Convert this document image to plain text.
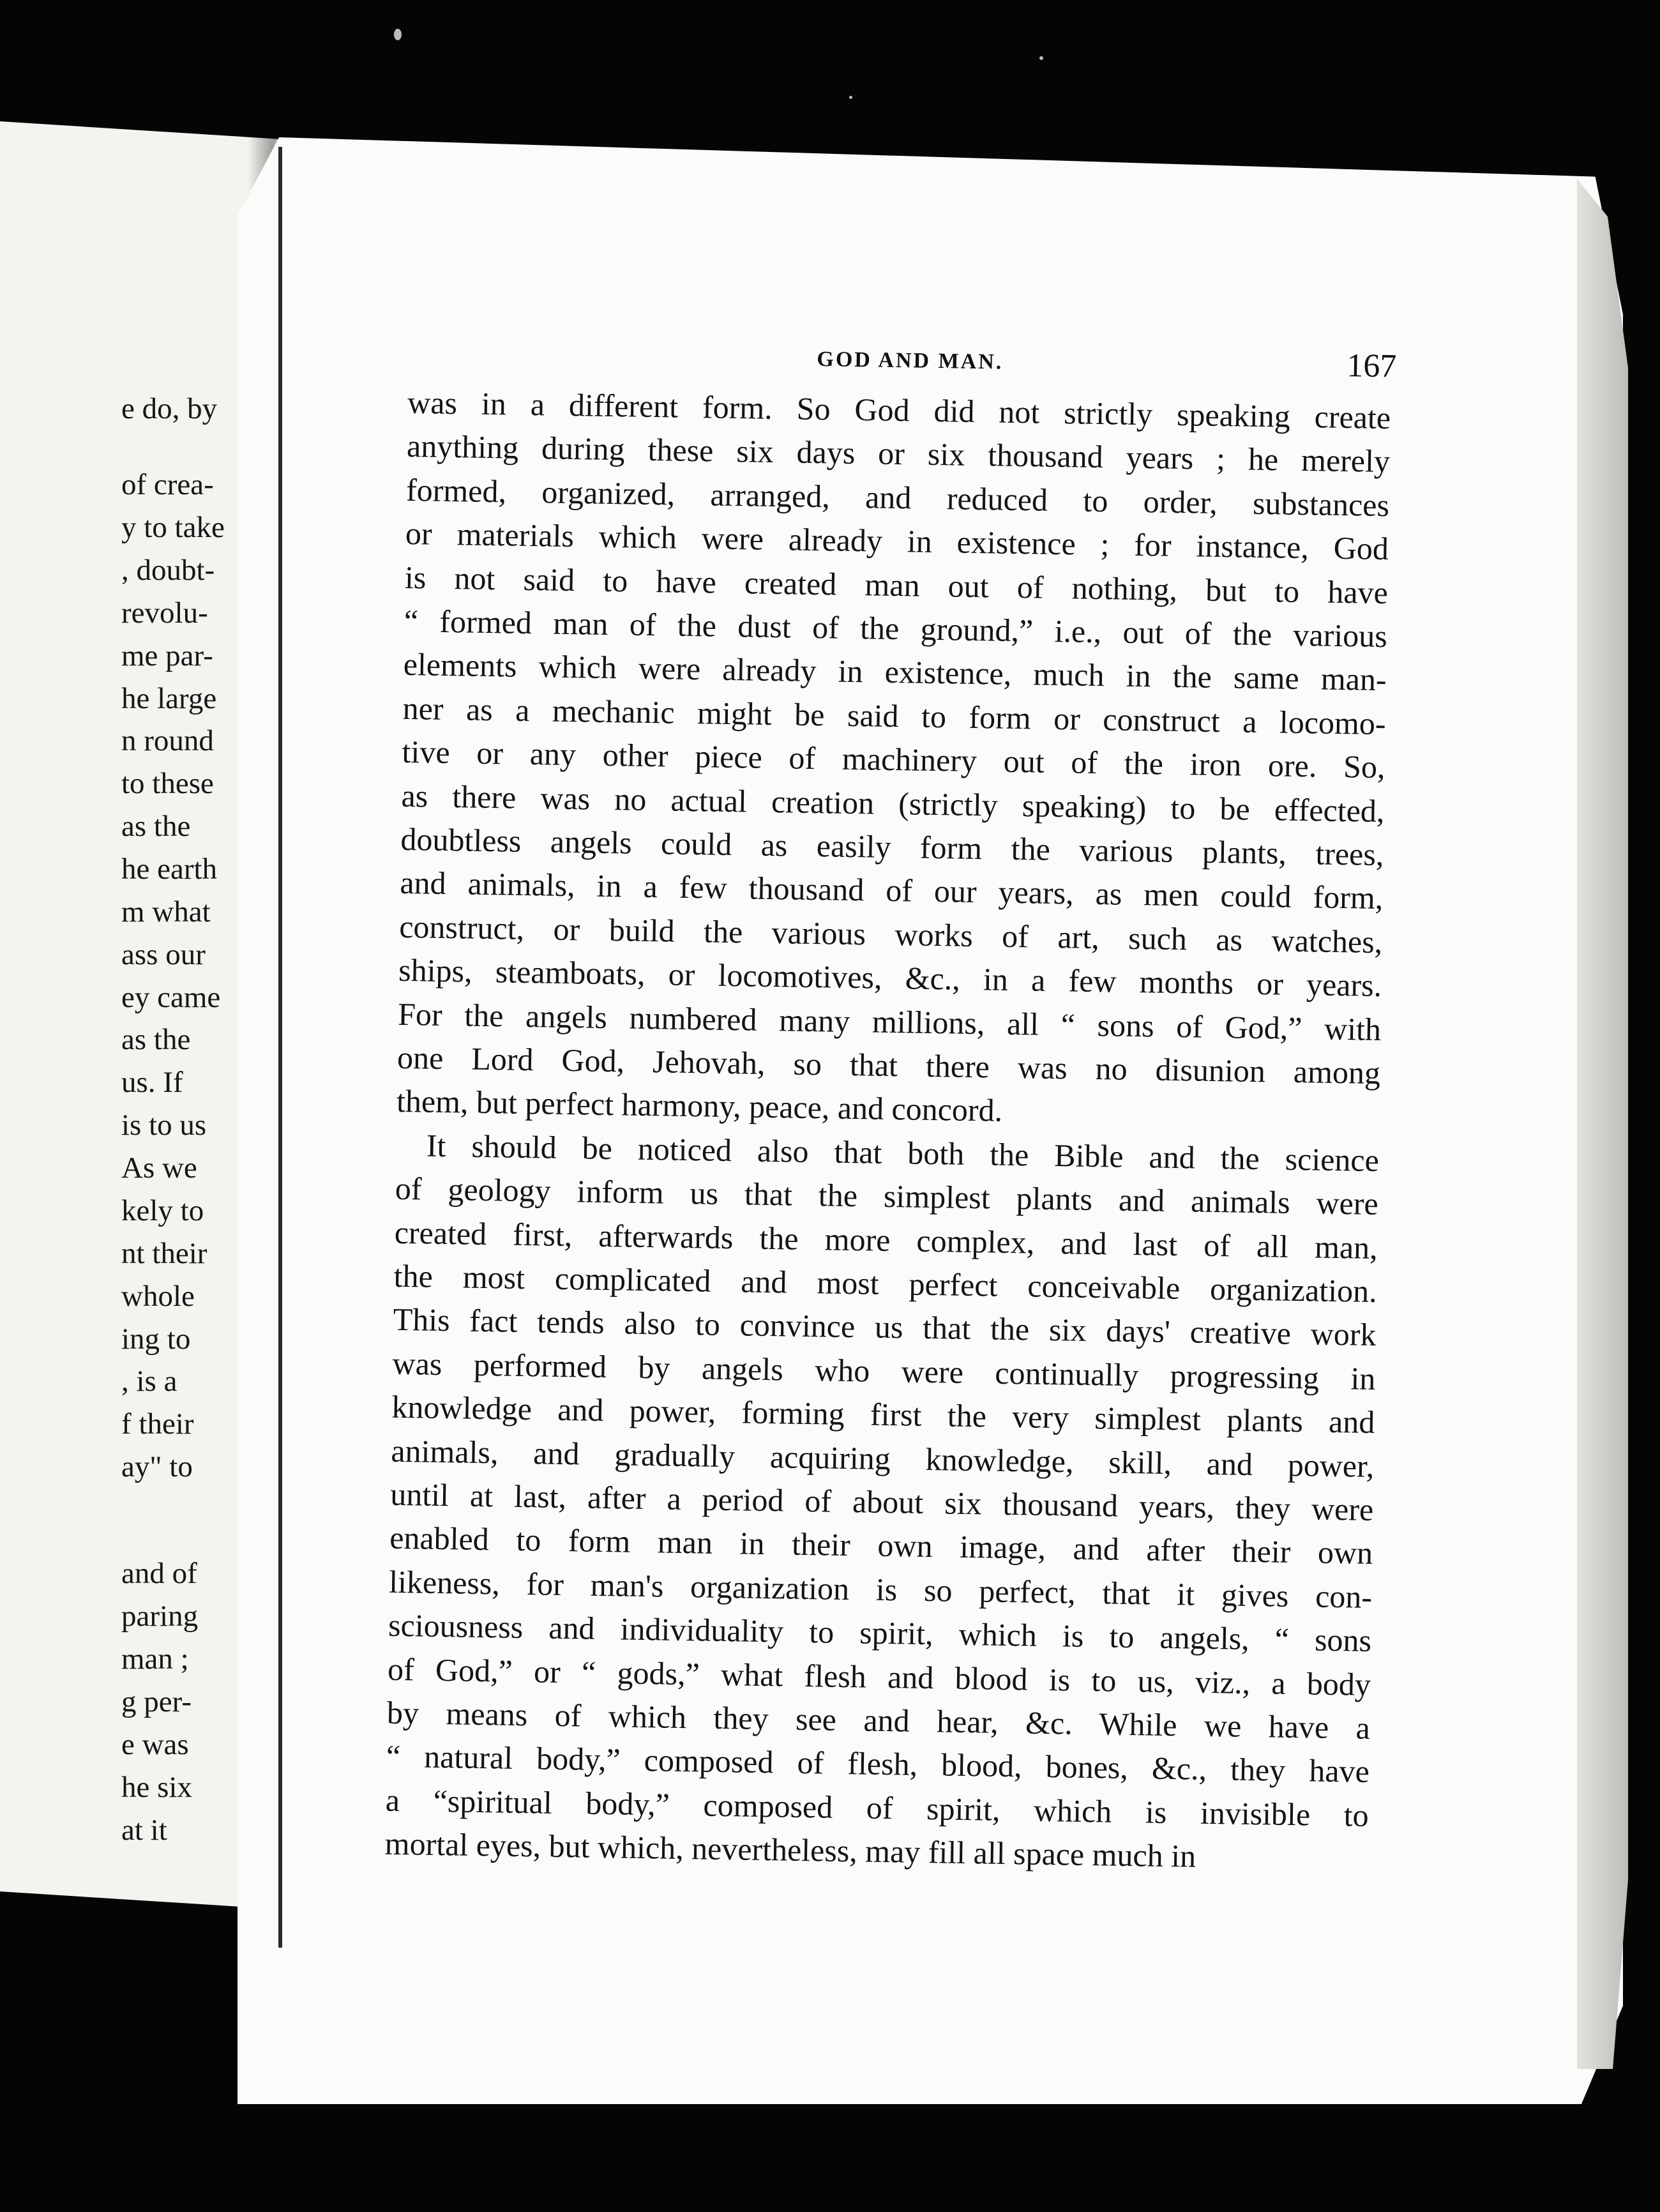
e do, by
of crea-
y to take
, doubt-
revolu-
me par-
he large
n round
to these
as the
he earth
m what
ass our
ey came
as the
us. If
is to us
As we
kely to
nt their
whole
ing to
, is a
f their
ay" to
and of
paring
man ;
g per-
e was
he six
at it
GOD AND MAN.	167
was in a different form. So God did not strictly speaking create
anything during these six days or six thousand years ; he merely
formed, organized, arranged, and reduced to order, substances
or materials which were already in existence ; for instance, God
is not said to have created man out of nothing, but to have
“ formed man of the dust of the ground,” i.e., out of the various
elements which were already in existence, much in the same man-
ner as a mechanic might be said to form or construct a locomo-
tive or any other piece of machinery out of the iron ore. So,
as there was no actual creation (strictly speaking) to be effected,
doubtless angels could as easily form the various plants, trees,
and animals, in a few thousand of our years, as men could form,
construct, or build the various works of art, such as watches,
ships, steamboats, or locomotives, &c., in a few months or years.
For the angels numbered many millions, all “ sons of God,” with
one Lord God, Jehovah, so that there was no disunion among
them, but perfect harmony, peace, and concord.
It should be noticed also that both the Bible and the science
of geology inform us that the simplest plants and animals were
created first, afterwards the more complex, and last of all man,
the most complicated and most perfect conceivable organization.
This fact tends also to convince us that the six days' creative work
was performed by angels who were continually progressing in
knowledge and power, forming first the very simplest plants and
animals, and gradually acquiring knowledge, skill, and power,
until at last, after a period of about six thousand years, they were
enabled to form man in their own image, and after their own
likeness, for man's organization is so perfect, that it gives con-
sciousness and individuality to spirit, which is to angels, “ sons
of God,” or “ gods,” what flesh and blood is to us, viz., a body
by means of which they see and hear, &c. While we have a
“ natural body,” composed of flesh, blood, bones, &c., they have
a “spiritual body,” composed of spirit, which is invisible to
mortal eyes, but which, nevertheless, may fill all space much in
